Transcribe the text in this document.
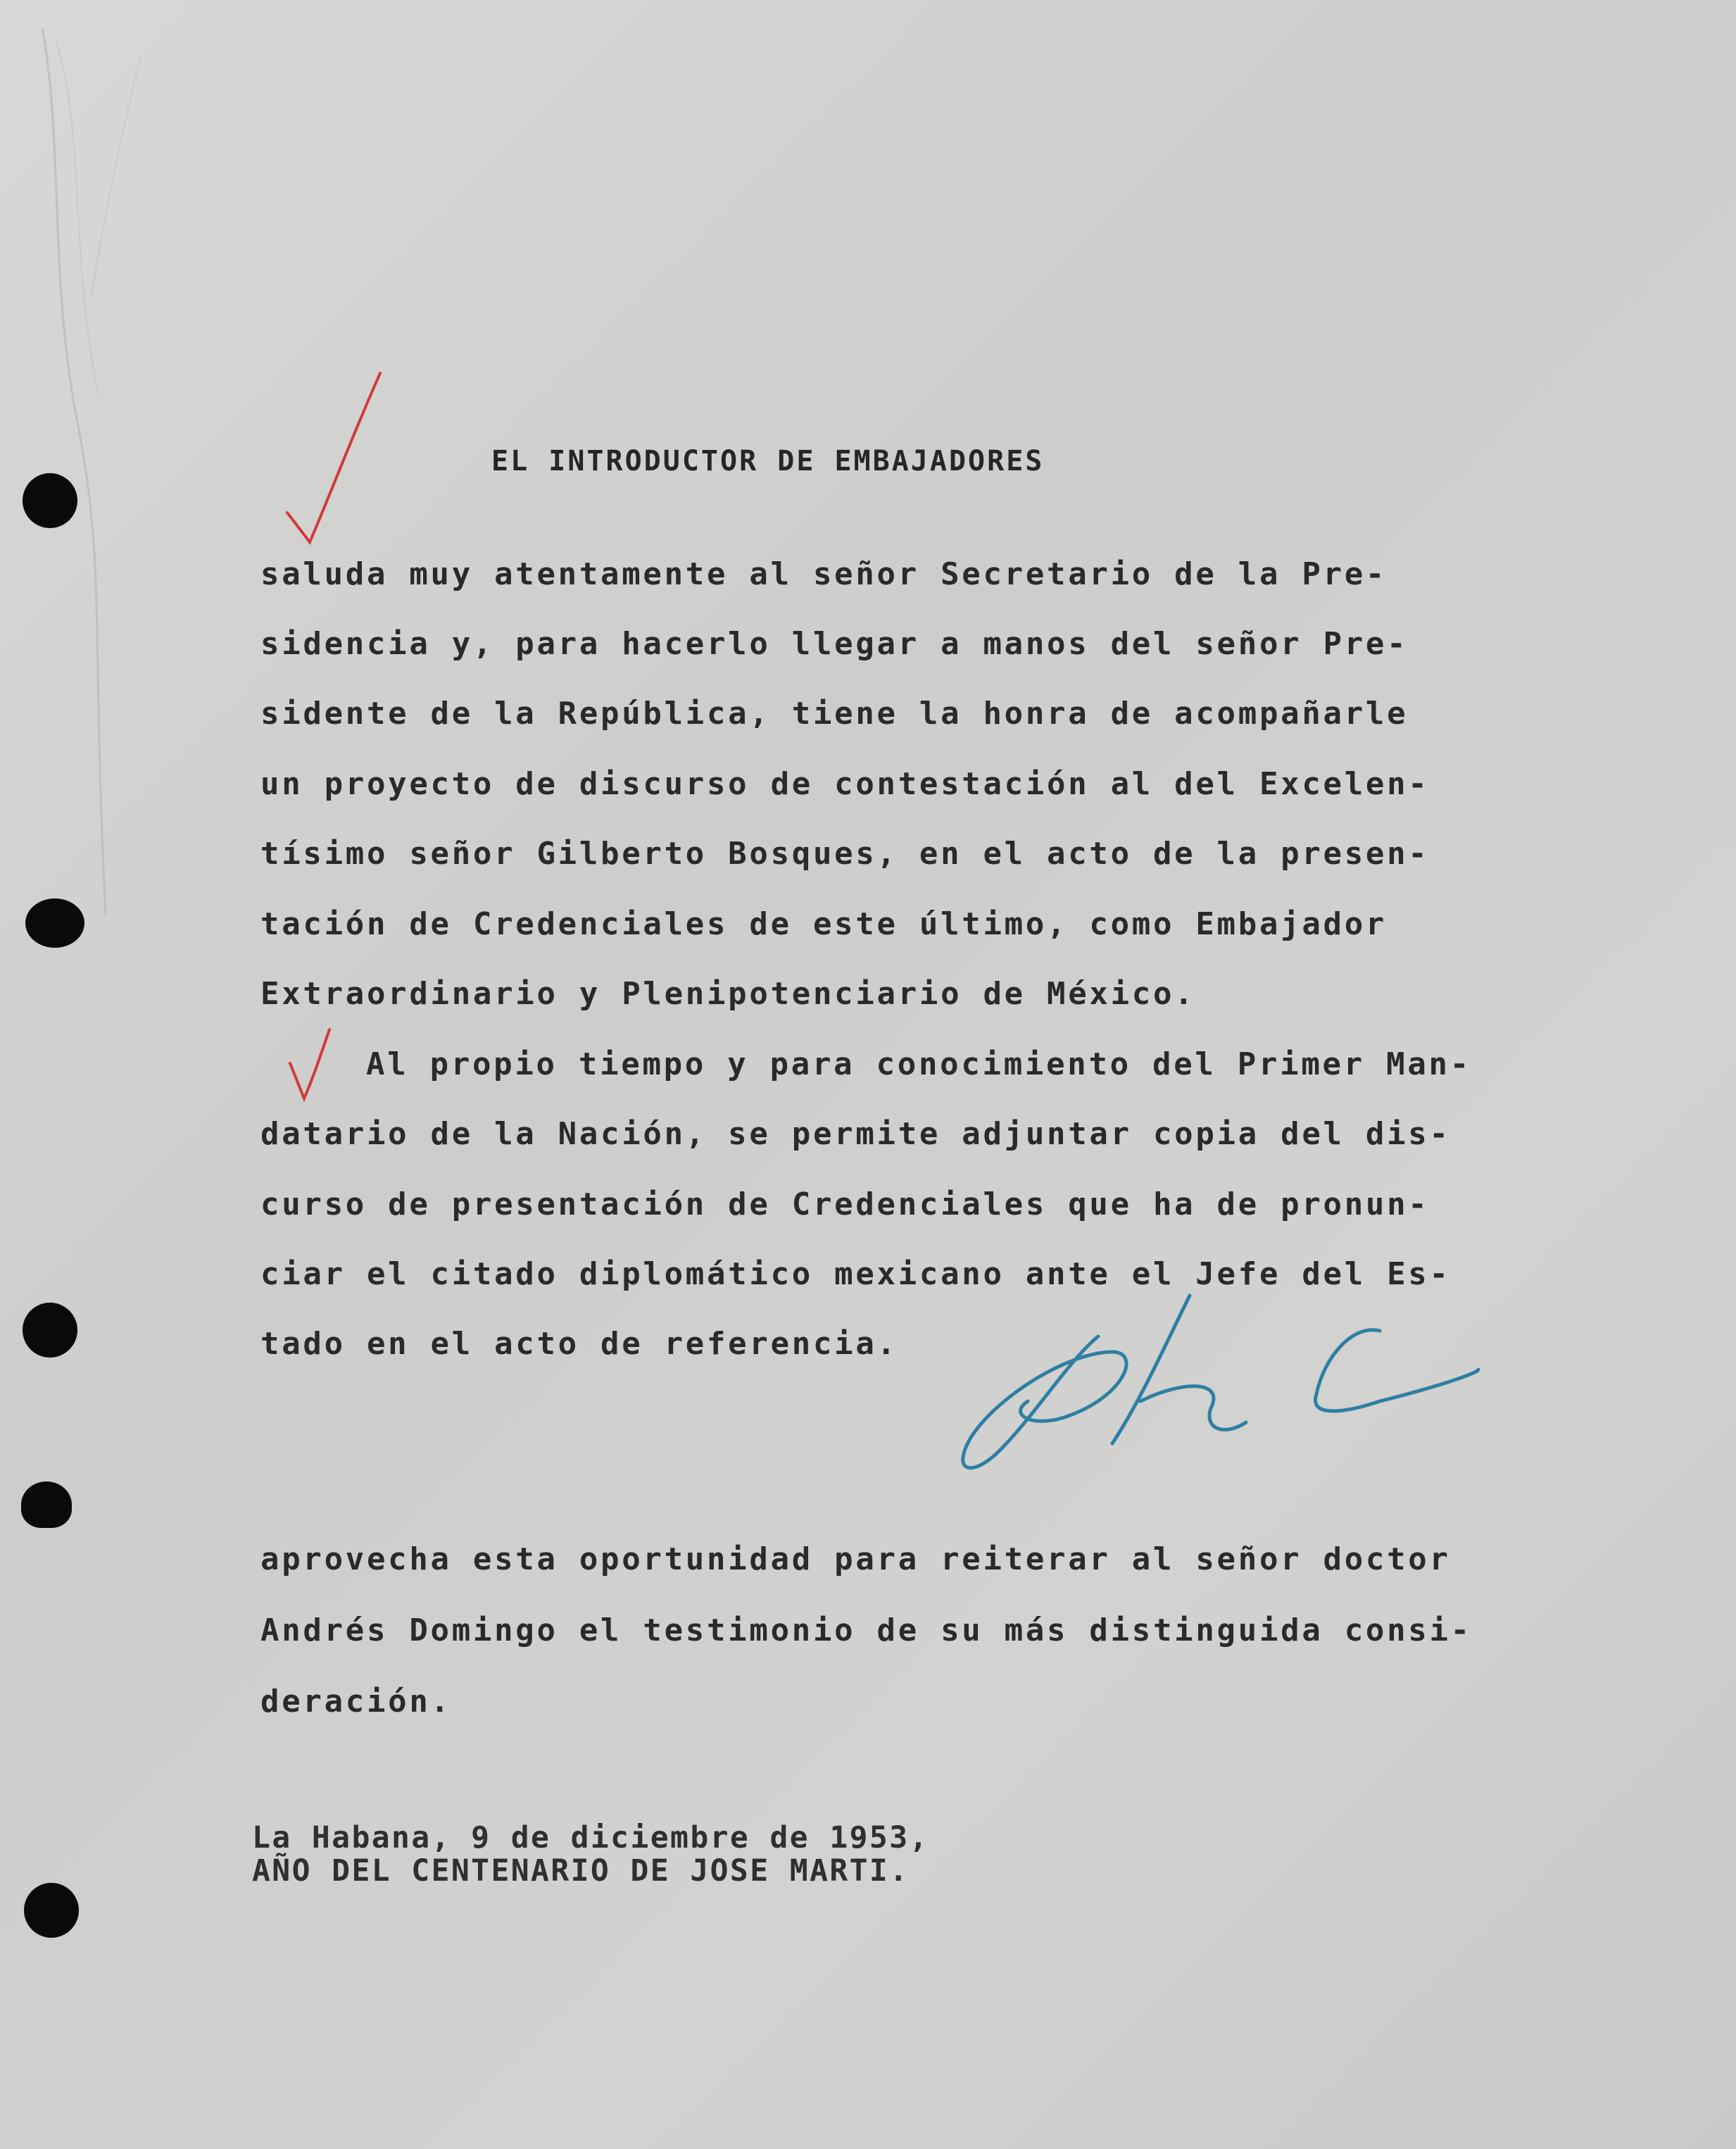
EL INTRODUCTOR DE EMBAJADORES
saluda muy atentamente al señor Secretario de la Pre-
sidencia y, para hacerlo llegar a manos del señor Pre-
sidente de la República, tiene la honra de acompañarle
un proyecto de discurso de contestación al del Excelen-
tísimo señor Gilberto Bosques, en el acto de la presen-
tación de Credenciales de este último, como Embajador
Extraordinario y Plenipotenciario de México.
Al propio tiempo y para conocimiento del Primer Man-
datario de la Nación, se permite adjuntar copia del dis-
curso de presentación de Credenciales que ha de pronun-
ciar el citado diplomático mexicano ante el Jefe del Es-
tado en el acto de referencia.
aprovecha esta oportunidad para reiterar al señor doctor
Andrés Domingo el testimonio de su más distinguida consi-
deración.
La Habana, 9 de diciembre de 1953,
AÑO DEL CENTENARIO DE JOSE MARTI.
